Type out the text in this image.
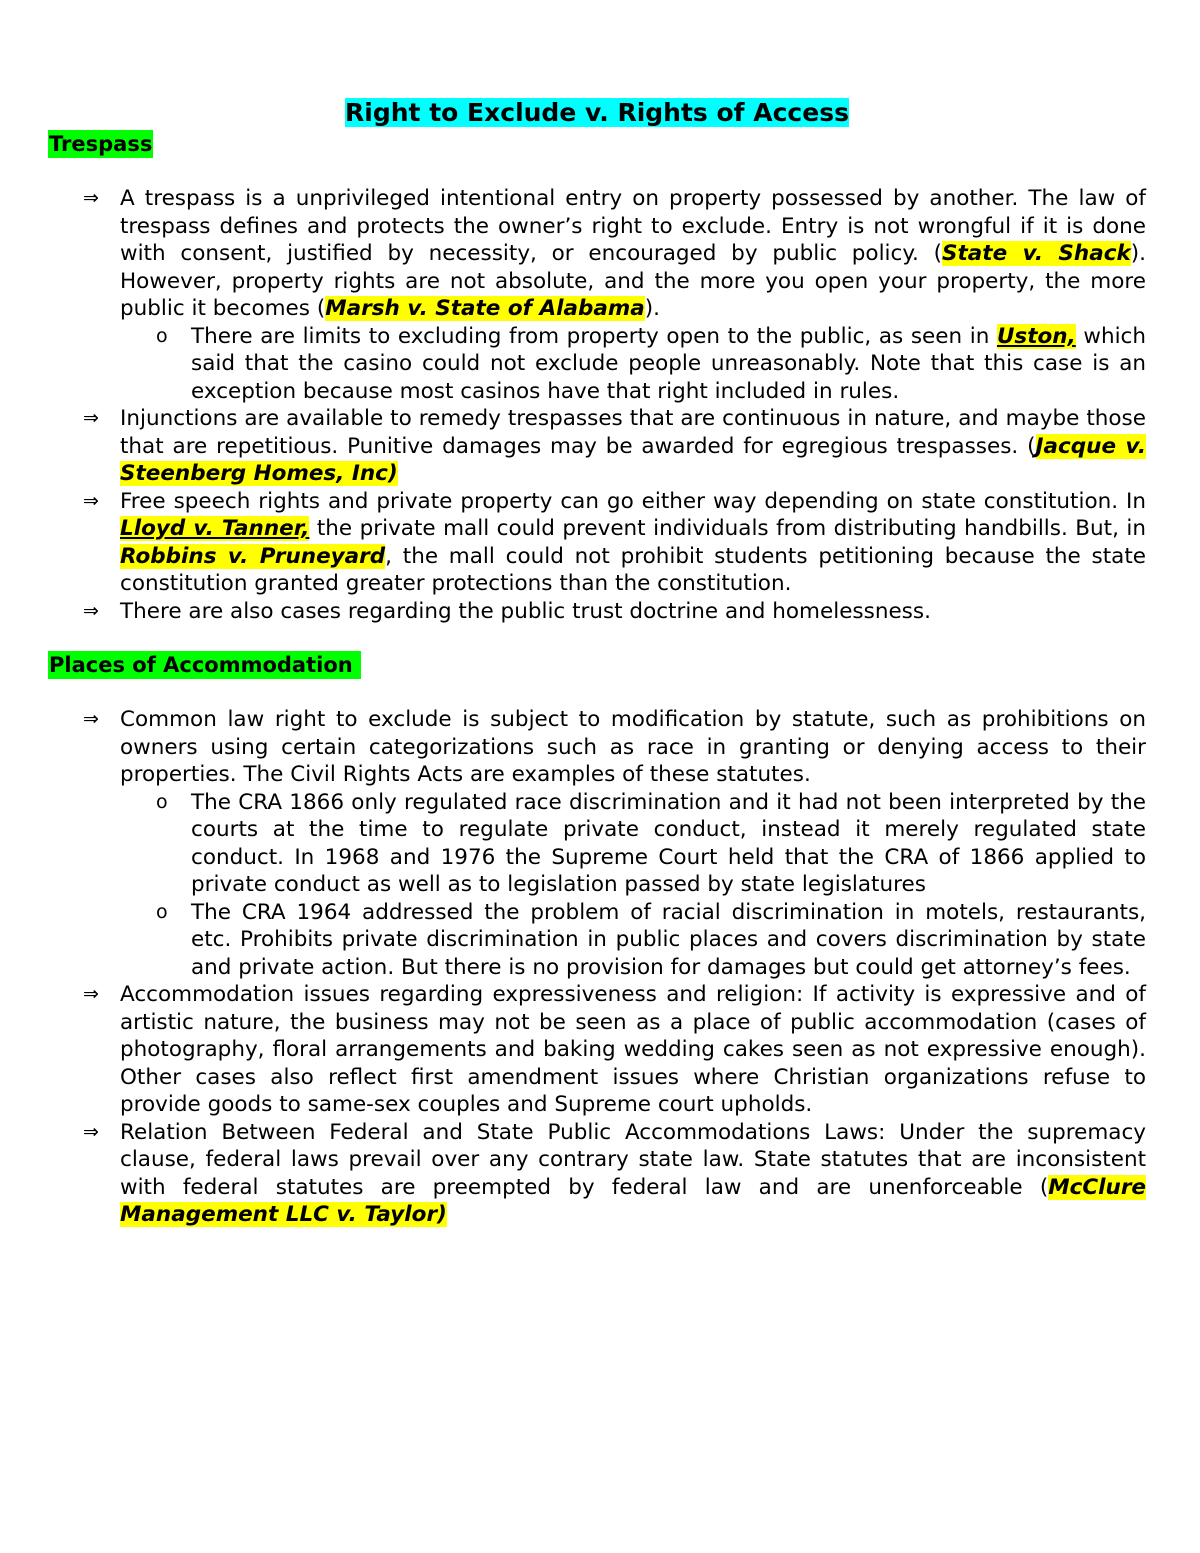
Right to Exclude v. Rights of Access
Trespass
⇒ A trespass is a unprivileged intentional entry on property possessed by another. The law of trespass defines and protects the owner’s right to exclude. Entry is not wrongful if it is done with consent, justified by necessity, or encouraged by public policy. (State v. Shack). However, property rights are not absolute, and the more you open your property, the more public it becomes (Marsh v. State of Alabama).
o There are limits to excluding from property open to the public, as seen in Uston, which said that the casino could not exclude people unreasonably. Note that this case is an exception because most casinos have that right included in rules.
⇒ Injunctions are available to remedy trespasses that are continuous in nature, and maybe those that are repetitious. Punitive damages may be awarded for egregious trespasses. (Jacque v. Steenberg Homes, Inc)
⇒ Free speech rights and private property can go either way depending on state constitution. In Lloyd v. Tanner, the private mall could prevent individuals from distributing handbills. But, in Robbins v. Pruneyard, the mall could not prohibit students petitioning because the state constitution granted greater protections than the constitution.
⇒ There are also cases regarding the public trust doctrine and homelessness.
Places of Accommodation
⇒ Common law right to exclude is subject to modification by statute, such as prohibitions on owners using certain categorizations such as race in granting or denying access to their properties. The Civil Rights Acts are examples of these statutes.
o The CRA 1866 only regulated race discrimination and it had not been interpreted by the courts at the time to regulate private conduct, instead it merely regulated state conduct. In 1968 and 1976 the Supreme Court held that the CRA of 1866 applied to private conduct as well as to legislation passed by state legislatures
o The CRA 1964 addressed the problem of racial discrimination in motels, restaurants, etc. Prohibits private discrimination in public places and covers discrimination by state and private action. But there is no provision for damages but could get attorney’s fees.
⇒ Accommodation issues regarding expressiveness and religion: If activity is expressive and of artistic nature, the business may not be seen as a place of public accommodation (cases of photography, floral arrangements and baking wedding cakes seen as not expressive enough). Other cases also reflect first amendment issues where Christian organizations refuse to provide goods to same-sex couples and Supreme court upholds.
⇒ Relation Between Federal and State Public Accommodations Laws: Under the supremacy clause, federal laws prevail over any contrary state law. State statutes that are inconsistent with federal statutes are preempted by federal law and are unenforceable (McClure Management LLC v. Taylor)
